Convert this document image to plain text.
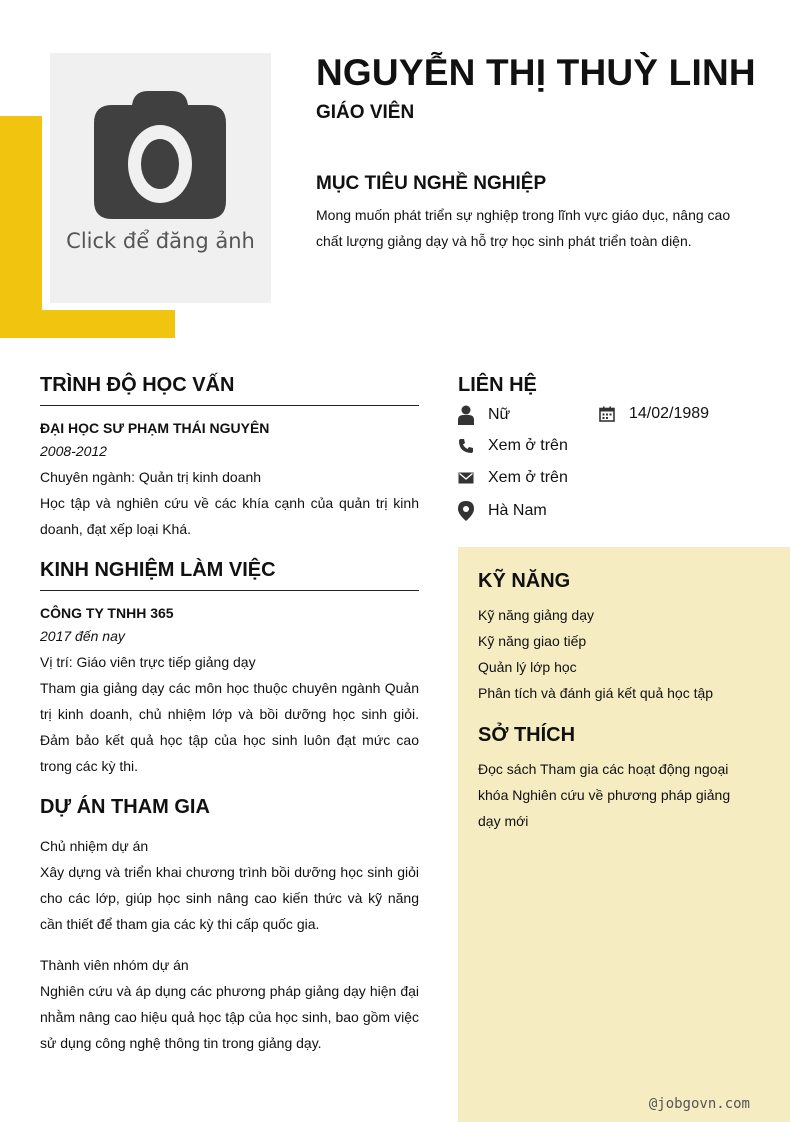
Click để đăng ảnh
NGUYỄN THỊ THUỲ LINH
GIÁO VIÊN
MỤC TIÊU NGHỀ NGHIỆP
Mong muốn phát triển sự nghiệp trong lĩnh vực giáo dục, nâng cao chất lượng giảng dạy và hỗ trợ học sinh phát triển toàn diện.
TRÌNH ĐỘ HỌC VẤN
ĐẠI HỌC SƯ PHẠM THÁI NGUYÊN
2008-2012
Chuyên ngành: Quản trị kinh doanh
Học tập và nghiên cứu về các khía cạnh của quản trị kinh doanh, đạt xếp loại Khá.
KINH NGHIỆM LÀM VIỆC
CÔNG TY TNHH 365
2017 đến nay
Vị trí: Giáo viên trực tiếp giảng dạy
Tham gia giảng dạy các môn học thuộc chuyên ngành Quản trị kinh doanh, chủ nhiệm lớp và bồi dưỡng học sinh giỏi. Đảm bảo kết quả học tập của học sinh luôn đạt mức cao trong các kỳ thi.
DỰ ÁN THAM GIA
Chủ nhiệm dự án
Xây dựng và triển khai chương trình bồi dưỡng học sinh giỏi cho các lớp, giúp học sinh nâng cao kiến thức và kỹ năng cần thiết để tham gia các kỳ thi cấp quốc gia.
Thành viên nhóm dự án
Nghiên cứu và áp dụng các phương pháp giảng dạy hiện đại nhằm nâng cao hiệu quả học tập của học sinh, bao gồm việc sử dụng công nghệ thông tin trong giảng dạy.
LIÊN HỆ
Nữ	14/02/1989
Xem ở trên
Xem ở trên
Hà Nam
KỸ NĂNG
Kỹ năng giảng dạy
Kỹ năng giao tiếp
Quản lý lớp học
Phân tích và đánh giá kết quả học tập
SỞ THÍCH
Đọc sách Tham gia các hoạt động ngoại khóa Nghiên cứu về phương pháp giảng dạy mới
@jobgovn.com
